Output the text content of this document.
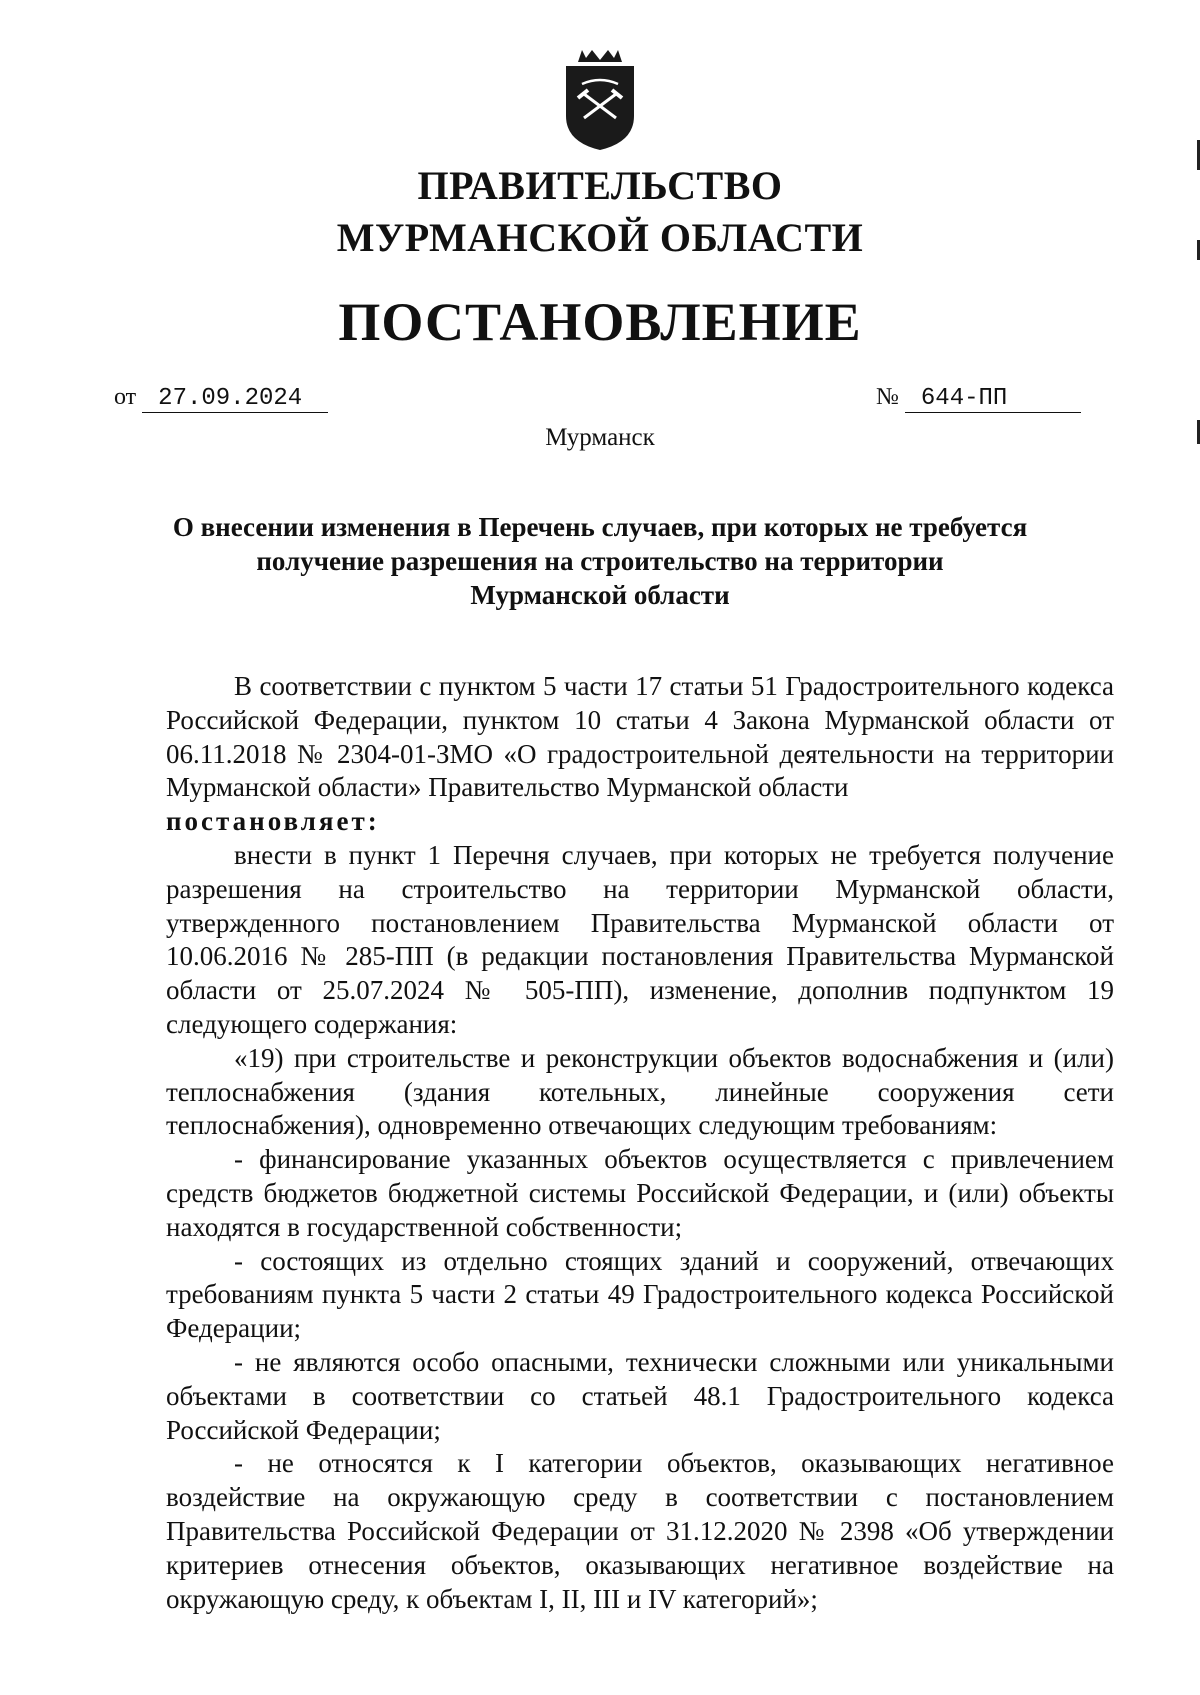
ПРАВИТЕЛЬСТВО
МУРМАНСКОЙ ОБЛАСТИ
ПОСТАНОВЛЕНИЕ
от 27.09.2024	№ 644-ПП
Мурманск
О внесении изменения в Перечень случаев, при которых не требуется
получение разрешения на строительство на территории
Мурманской области

В соответствии с пунктом 5 части 17 статьи 51 Градостроительного кодекса Российской Федерации, пунктом 10 статьи 4 Закона Мурманской области от 06.11.2018 № 2304-01-ЗМО «О градостроительной деятельности на территории Мурманской области» Правительство Мурманской области
постановляет:

внести в пункт 1 Перечня случаев, при которых не требуется получение разрешения на строительство на территории Мурманской области, утвержденного постановлением Правительства Мурманской области от 10.06.2016 № 285-ПП (в редакции постановления Правительства Мурманской области от 25.07.2024 № 505-ПП), изменение, дополнив подпунктом 19 следующего содержания:

«19) при строительстве и реконструкции объектов водоснабжения и (или) теплоснабжения (здания котельных, линейные сооружения сети теплоснабжения), одновременно отвечающих следующим требованиям:

- финансирование указанных объектов осуществляется с привлечением средств бюджетов бюджетной системы Российской Федерации, и (или) объекты находятся в государственной собственности;

- состоящих из отдельно стоящих зданий и сооружений, отвечающих требованиям пункта 5 части 2 статьи 49 Градостроительного кодекса Российской Федерации;

- не являются особо опасными, технически сложными или уникальными объектами в соответствии со статьей 48.1 Градостроительного кодекса Российской Федерации;

- не относятся к I категории объектов, оказывающих негативное воздействие на окружающую среду в соответствии с постановлением Правительства Российской Федерации от 31.12.2020 № 2398 «Об утверждении критериев отнесения объектов, оказывающих негативное воздействие на окружающую среду, к объектам I, II, III и IV категорий»;
